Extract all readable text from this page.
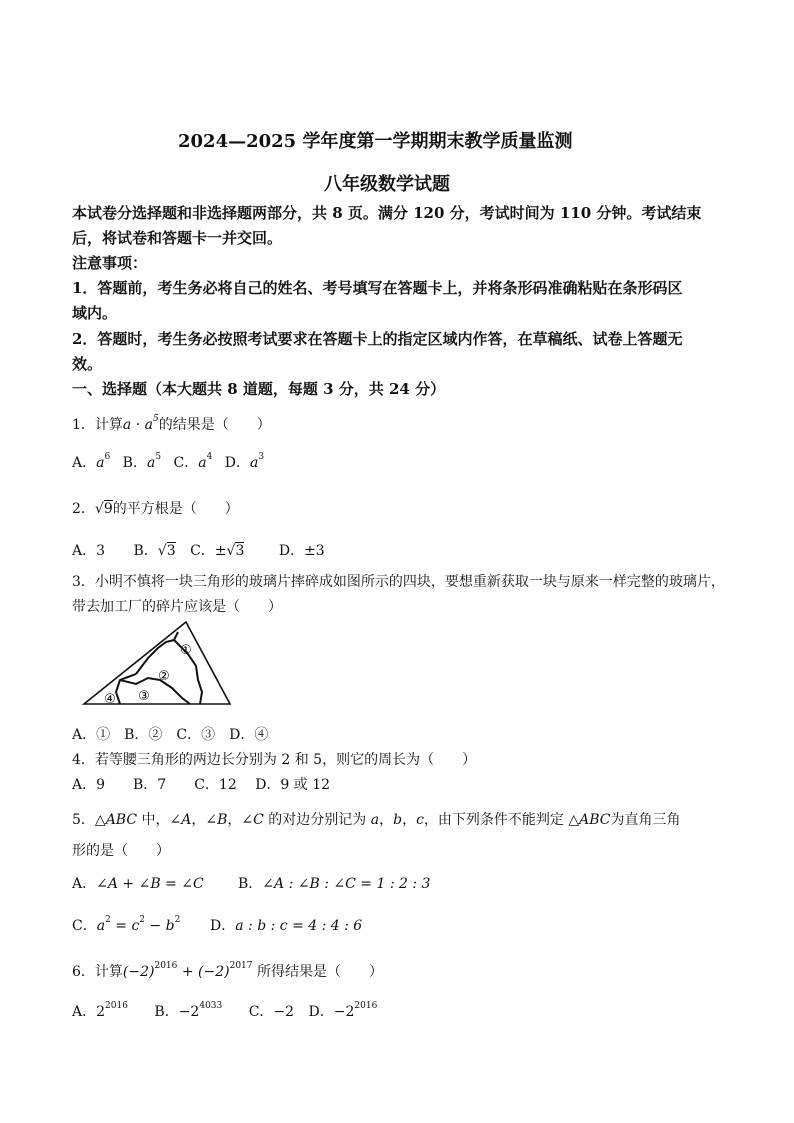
2024—2025 学年度第一学期期末教学质量监测
八年级数学试题
本试卷分选择题和非选择题两部分，共 8 页。满分 120 分，考试时间为 110 分钟。考试结束
后，将试卷和答题卡一并交回。
注意事项：
1．答题前，考生务必将自己的姓名、考号填写在答题卡上，并将条形码准确粘贴在条形码区
域内。
2．答题时，考生务必按照考试要求在答题卡上的指定区域内作答，在草稿纸、试卷上答题无
效。
一、选择题（本大题共 8 道题，每题 3 分，共 24 分）
1．计算$a \cdot a^5$的结果是（　　）
A．$a^6$ B．$a^5$ C．$a^4$ D．$a^3$
2．√9的平方根是（　　）
A．3 B．√3 C．±√3 D．±3
3．小明不慎将一块三角形的玻璃片摔碎成如图所示的四块，要想重新获取一块与原来一样完整的玻璃片，
带去加工厂的碎片应该是（　　）
①
②
③
④
A．①　B．②　C．③　D．④
4．若等腰三角形的两边长分别为 2 和 5，则它的周长为（　　）
A．9　　B．7　　C．12　 D．9 或 12
5．△ABC 中，∠A，∠B，∠C 的对边分别记为 a，b，c，由下列条件不能判定 △ABC为直角三角
形的是（　　）
A．∠A + ∠B = ∠C B．∠A : ∠B : ∠C = 1 : 2 : 3
C．$a^2 = c^2 - b^2$ D．a : b : c = 4 : 4 : 6
6．计算$(-2)^{2016} + (-2)^{2017}$ 所得结果是（　　）
A．$2^{2016}$ B．$-2^{4033}$ C．−2 D．$-2^{2016}$
